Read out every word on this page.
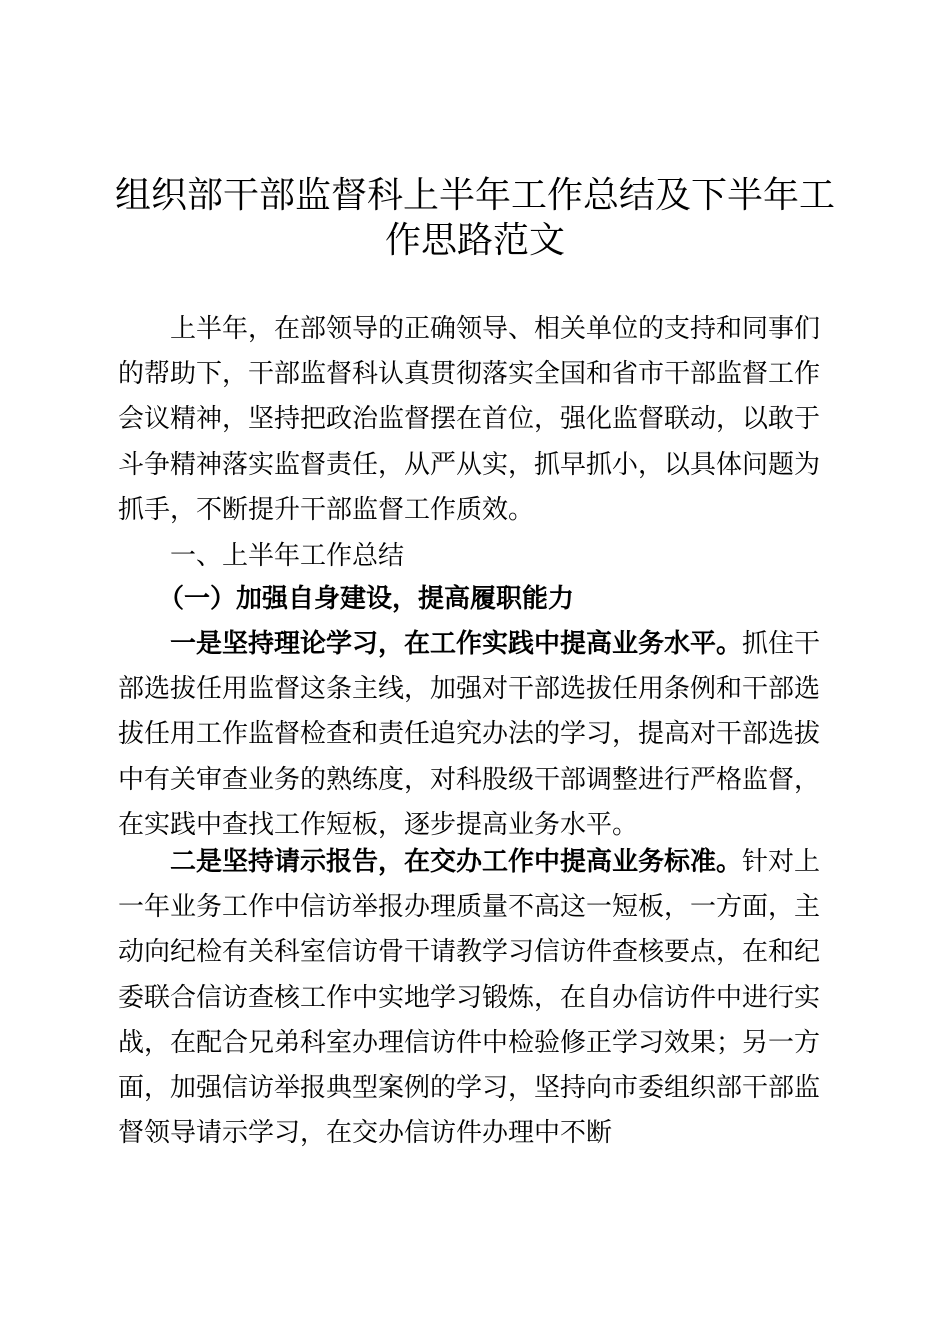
组织部干部监督科上半年工作总结及下半年工
作思路范文
上半年，在部领导的正确领导、相关单位的支持和同事们
的帮助下，干部监督科认真贯彻落实全国和省市干部监督工作
会议精神，坚持把政治监督摆在首位，强化监督联动，以敢于
斗争精神落实监督责任，从严从实，抓早抓小，以具体问题为
抓手，不断提升干部监督工作质效。
一、上半年工作总结
（一）加强自身建设，提高履职能力
一是坚持理论学习，在工作实践中提高业务水平。抓住干
部选拔任用监督这条主线，加强对干部选拔任用条例和干部选
拔任用工作监督检查和责任追究办法的学习，提高对干部选拔
中有关审查业务的熟练度，对科股级干部调整进行严格监督，
在实践中查找工作短板，逐步提高业务水平。
二是坚持请示报告，在交办工作中提高业务标准。针对上
一年业务工作中信访举报办理质量不高这一短板，一方面，主
动向纪检有关科室信访骨干请教学习信访件查核要点，在和纪
委联合信访查核工作中实地学习锻炼，在自办信访件中进行实
战，在配合兄弟科室办理信访件中检验修正学习效果；另一方
面，加强信访举报典型案例的学习，坚持向市委组织部干部监
督领导请示学习，在交办信访件办理中不断
